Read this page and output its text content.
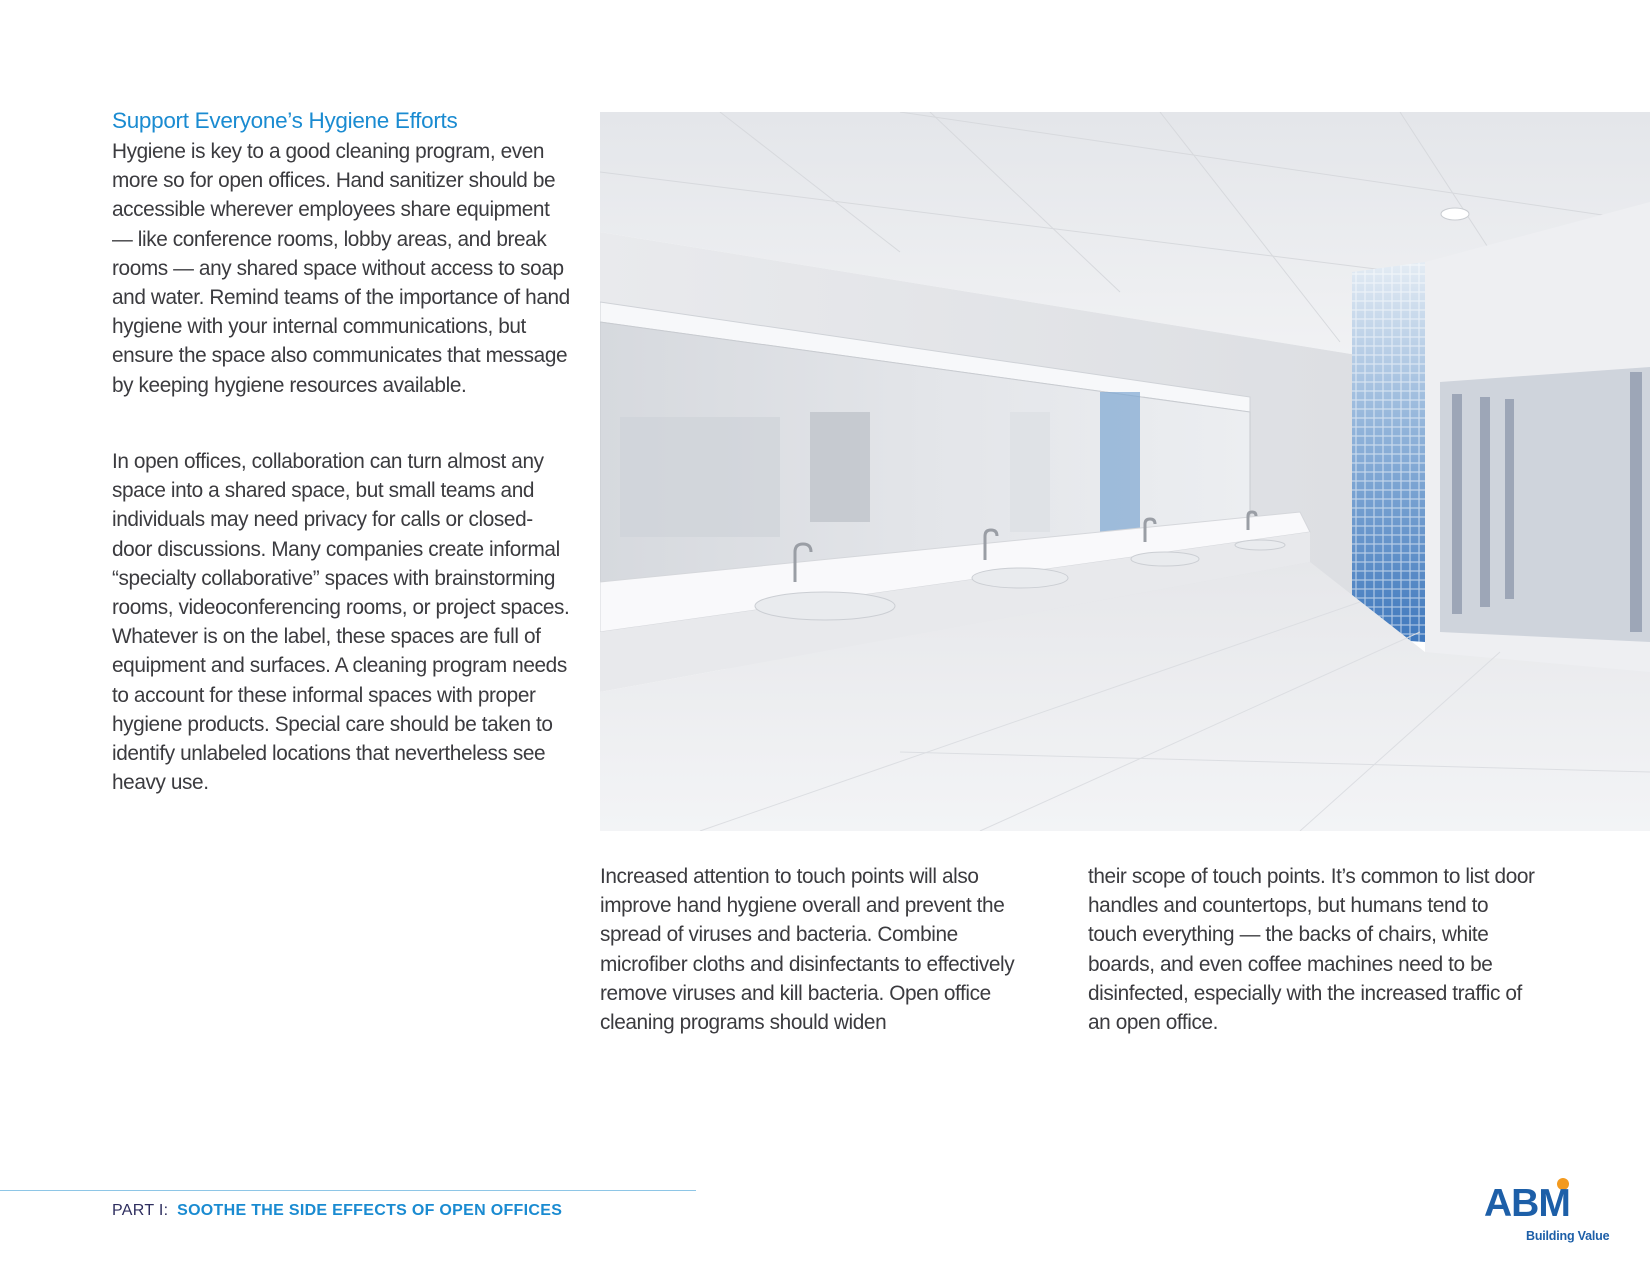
Support Everyone’s Hygiene Efforts

Hygiene is key to a good cleaning program, even more so for open offices. Hand sanitizer should be accessible wherever employees share equipment — like conference rooms, lobby areas, and break rooms — any shared space without access to soap and water. Remind teams of the importance of hand hygiene with your internal communications, but ensure the space also communicates that message by keeping hygiene resources available.

In open offices, collaboration can turn almost any space into a shared space, but small teams and individuals may need privacy for calls or closed-door discussions. Many companies create informal “specialty collaborative” spaces with brainstorming rooms, videoconferencing rooms, or project spaces. Whatever is on the label, these spaces are full of equipment and surfaces. A cleaning program needs to account for these informal spaces with proper hygiene products. Special care should be taken to identify unlabeled locations that nevertheless see heavy use.

Increased attention to touch points will also improve hand hygiene overall and prevent the spread of viruses and bacteria. Combine microfiber cloths and disinfectants to effectively remove viruses and kill bacteria. Open office cleaning programs should widen

their scope of touch points. It’s common to list door handles and countertops, but humans tend to touch everything — the backs of chairs, white boards, and even coffee machines need to be disinfected, especially with the increased traffic of an open office.

PART I: SOOTHE THE SIDE EFFECTS OF OPEN OFFICES	ABM
Building Value
